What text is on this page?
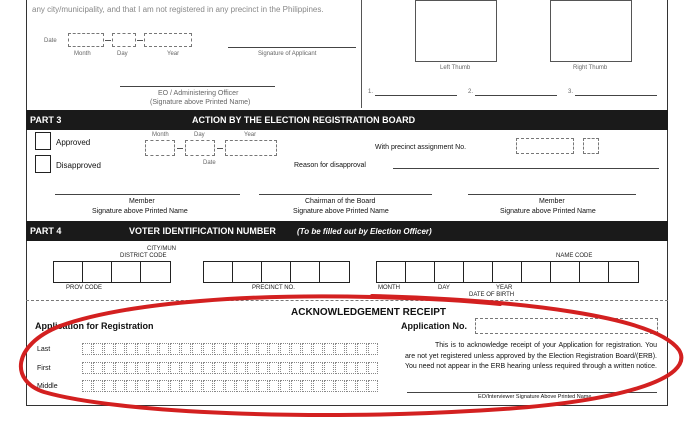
any city/municipality, and that I am not registered in any precinct in the Philippines.
Date
Month	Day	Year	Signature of Applicant
EO / Administering Officer
(Signature above Printed Name)
Left Thumb	Right Thumb
1.	2.	3.
PART 3	ACTION BY THE ELECTION REGISTRATION BOARD
Approved
Disapproved
Month	Day	Year
Date
With precinct assignment No.
Reason for disapproval
Member
Signature above Printed Name
Chairman of the Board
Signature above Printed Name
Member
Signature above Printed Name
PART 4	VOTER IDENTIFICATION NUMBER	(To be filled out by Election Officer)
CITY/MUN
DISTRICT CODE
PROV CODE	PRECINCT NO.
NAME CODE
MONTH	DAY	YEAR
DATE OF BIRTH
ACKNOWLEDGEMENT RECEIPT
Application for Registration	Application No.
Last
First
Middle
This is to acknowledge receipt of your Application for registration. You are not yet registered unless approved by the Election Registration Board/(ERB). You need not appear in the ERB hearing unless required through a written notice.
EO/Interviewer Signature Above Printed Name
